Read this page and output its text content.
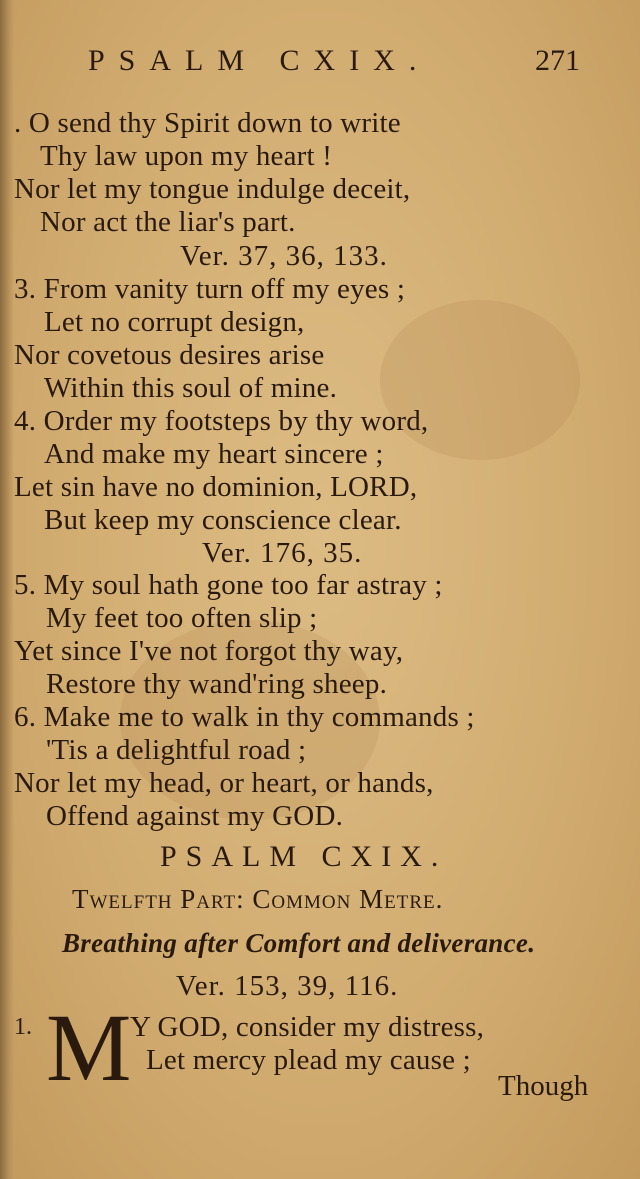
PSALM CXIX.	271
. O send thy Spirit down to write
Thy law upon my heart !
Nor let my tongue indulge deceit,
Nor act the liar's part.
Ver. 37, 36, 133.
3. From vanity turn off my eyes ;
Let no corrupt design,
Nor covetous desires arise
Within this soul of mine.
4. Order my footsteps by thy word,
And make my heart sincere ;
Let sin have no dominion, LORD,
But keep my conscience clear.
Ver. 176, 35.
5. My soul hath gone too far astray ;
My feet too often slip ;
Yet since I've not forgot thy way,
Restore thy wand'ring sheep.
6. Make me to walk in thy commands ;
'Tis a delightful road ;
Nor let my head, or heart, or hands,
Offend against my GOD.
PSALM CXIX.
Twelfth Part: Common Metre.
Breathing after Comfort and deliverance.
Ver. 153, 39, 116.
1. M
Y GOD, consider my distress,
Let mercy plead my cause ;
Though
